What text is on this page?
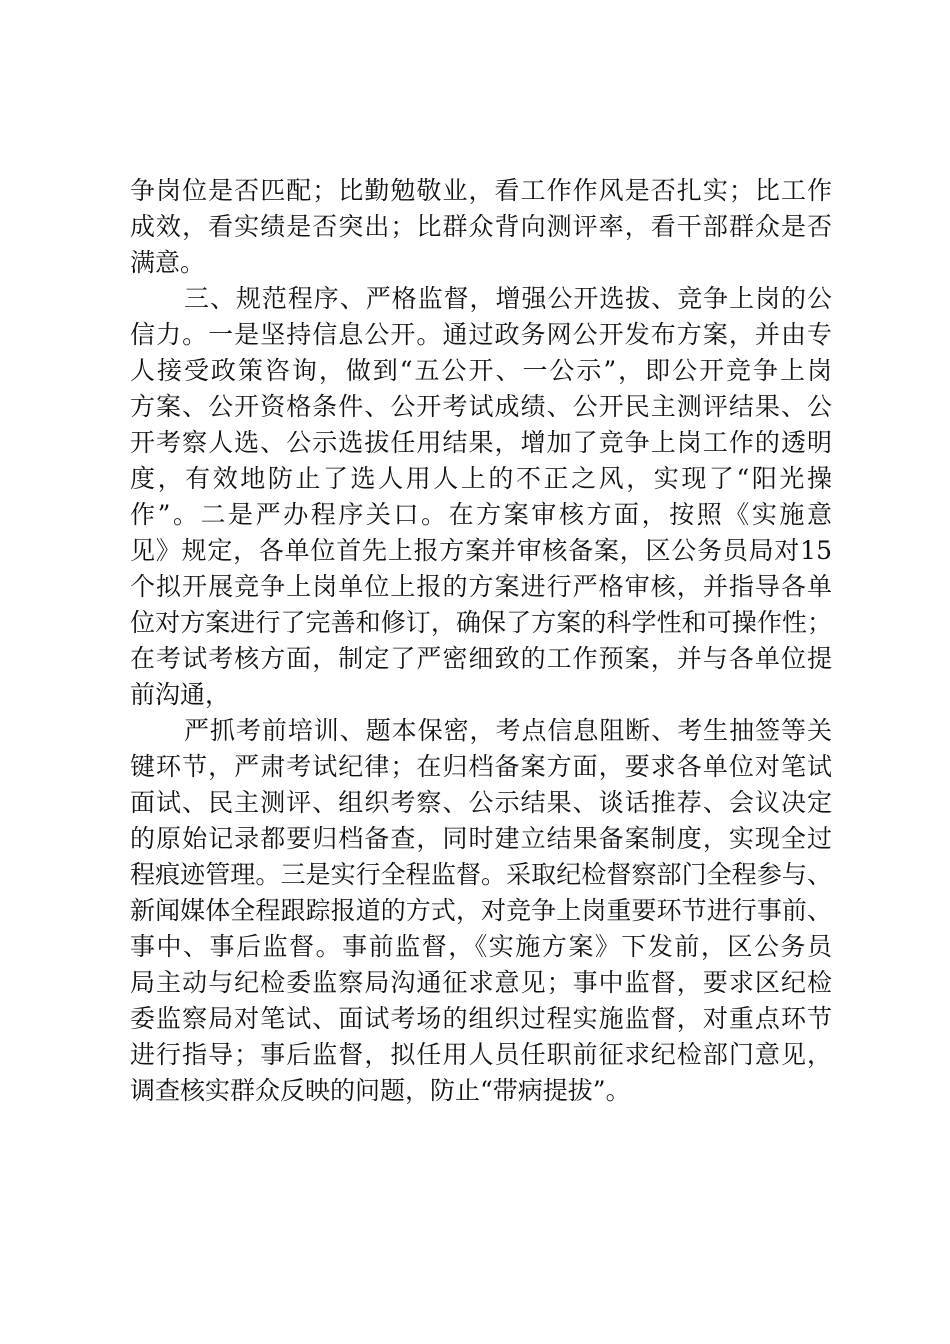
争岗位是否匹配；比勤勉敬业，看工作作风是否扎实；比工作
成效，看实绩是否突出；比群众背向测评率，看干部群众是否
满意。
三、规范程序、严格监督，增强公开选拔、竞争上岗的公
信力。一是坚持信息公开。通过政务网公开发布方案，并由专
人接受政策咨询，做到“五公开、一公示”，即公开竞争上岗
方案、公开资格条件、公开考试成绩、公开民主测评结果、公
开考察人选、公示选拔任用结果，增加了竞争上岗工作的透明
度，有效地防止了选人用人上的不正之风，实现了“阳光操
作”。二是严办程序关口。在方案审核方面，按照《实施意
见》规定，各单位首先上报方案并审核备案，区公务员局对15
个拟开展竞争上岗单位上报的方案进行严格审核，并指导各单
位对方案进行了完善和修订，确保了方案的科学性和可操作性；
在考试考核方面，制定了严密细致的工作预案，并与各单位提
前沟通，
严抓考前培训、题本保密，考点信息阻断、考生抽签等关
键环节，严肃考试纪律；在归档备案方面，要求各单位对笔试
面试、民主测评、组织考察、公示结果、谈话推荐、会议决定
的原始记录都要归档备查，同时建立结果备案制度，实现全过
程痕迹管理。三是实行全程监督。采取纪检督察部门全程参与、
新闻媒体全程跟踪报道的方式，对竞争上岗重要环节进行事前、
事中、事后监督。事前监督，《实施方案》下发前，区公务员
局主动与纪检委监察局沟通征求意见；事中监督，要求区纪检
委监察局对笔试、面试考场的组织过程实施监督，对重点环节
进行指导；事后监督，拟任用人员任职前征求纪检部门意见，
调查核实群众反映的问题，防止“带病提拔”。
